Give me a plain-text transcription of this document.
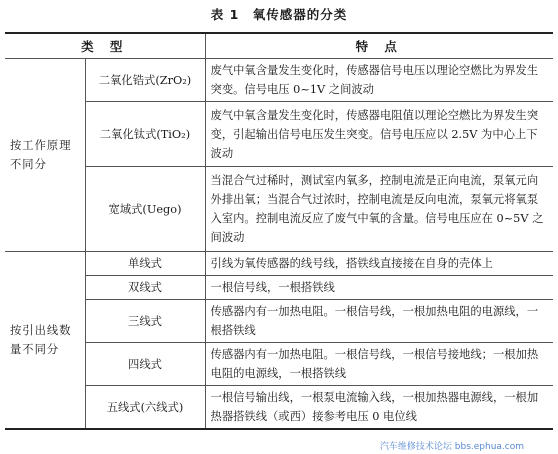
表 1　氧传感器的分类
类 型		特 点
按工作原理不同分	二氧化锆式(ZrO₂)	废气中氧含量发生变化时，传感器信号电压以理论空燃比为界发生突变。信号电压 0~1V 之间波动
	二氧化钛式(TiO₂)	废气中氧含量发生变化时，传感器电阻值以理论空燃比为界发生突变，引起输出信号电压发生突变。信号电压应以 2.5V 为中心上下波动
	宽域式(Uego)	当混合气过稀时，测试室内氧多，控制电流是正向电流，泵氧元向外排出氧；当混合气过浓时，控制电流是反向电流，泵氧元将氧泵入室内。控制电流反应了废气中氧的含量。信号电压应在 0~5V 之间波动
按引出线数量不同分	单线式	引线为氧传感器的线号线，搭铁线直接接在自身的壳体上
	双线式	一根信号线，一根搭铁线
	三线式	传感器内有一加热电阻。一根信号线，一根加热电阻的电源线，一根搭铁线
	四线式	传感器内有一加热电阻。一根信号线，一根信号接地线；一根加热电阻的电源线，一根搭铁线
	五线式(六线式)	一根信号输出线，一根泵电流输入线，一根加热器电源线，一根加热器搭铁线（或西）接参考电压 0 电位线
汽车维修技术论坛 bbs.ephua.com
